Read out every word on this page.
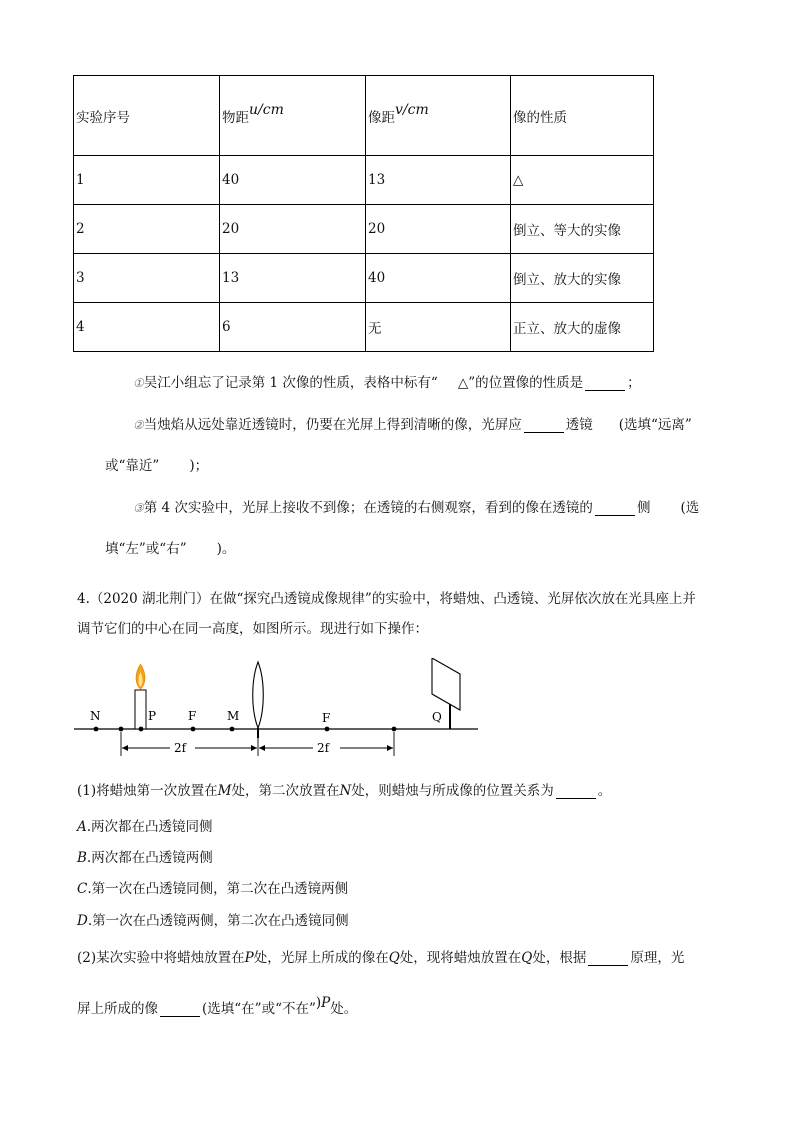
实验序号	物距u/cm	像距v/cm	像的性质
1	40	13	△
2	20	20	倒立、等大的实像
3	13	40	倒立、放大的实像
4	6	无	正立、放大的虚像
①吴江小组忘了记录第 1 次像的性质，表格中标有“ △”的位置像的性质是	；
②当烛焰从远处靠近透镜时，仍要在光屏上得到清晰的像，光屏应	透镜 (选填“远离”
或“靠近” )；
③第 4 次实验中，光屏上接收不到像；在透镜的右侧观察，看到的像在透镜的	侧 (选
填“左”或“右” )。
4.（2020 湖北荆门）在做“探究凸透镜成像规律”的实验中，将蜡烛、凸透镜、光屏依次放在光具座上并
调节它们的中心在同一高度，如图所示。现进行如下操作：
N	P	F	M	F	Q
2f	2f
(1)将蜡烛第一次放置在M处，第二次放置在N处，则蜡烛与所成像的位置关系为	。
A.两次都在凸透镜同侧
B.两次都在凸透镜两侧
C.第一次在凸透镜同侧，第二次在凸透镜两侧
D.第一次在凸透镜两侧，第二次在凸透镜同侧
(2)某次实验中将蜡烛放置在P处，光屏上所成的像在Q处，现将蜡烛放置在Q处，根据	原理，光
屏上所成的像	(选填“在”或“不在”)P处。
